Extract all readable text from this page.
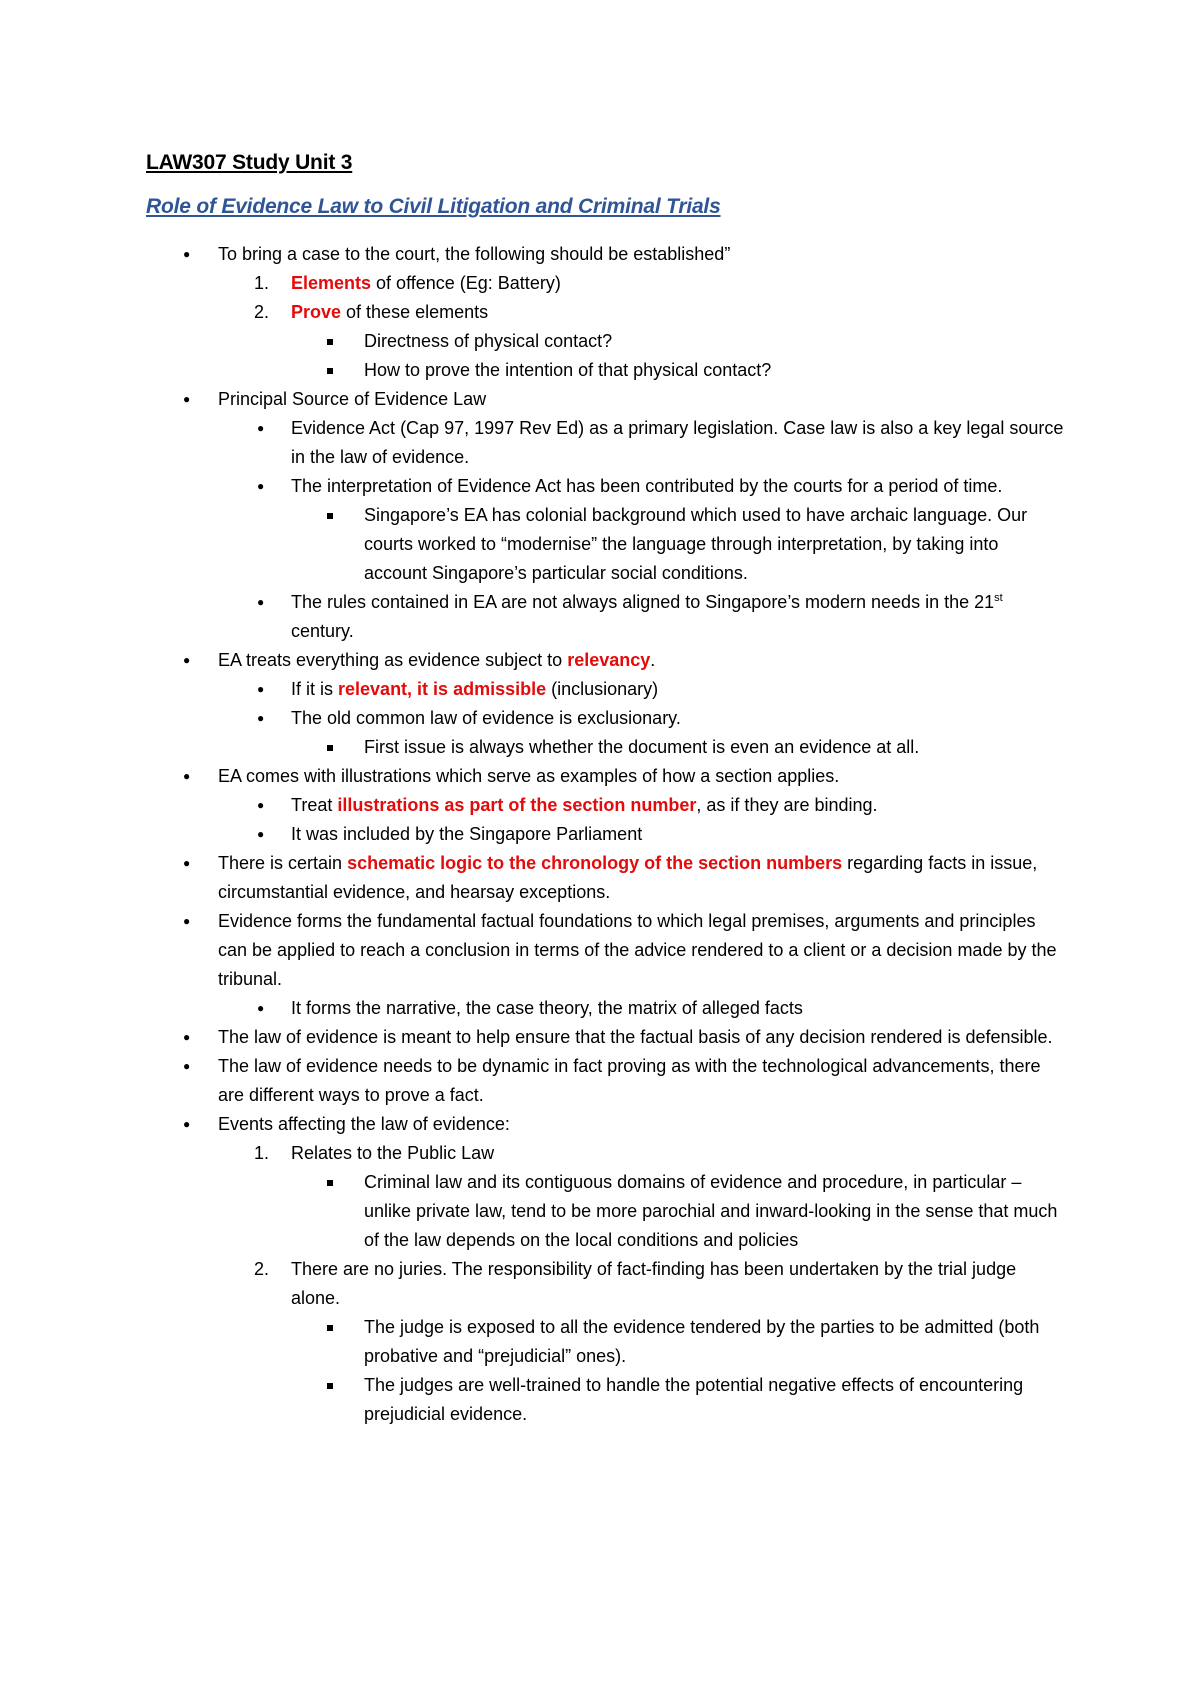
LAW307 Study Unit 3
Role of Evidence Law to Civil Litigation and Criminal Trials
● To bring a case to the court, the following should be established”
1. Elements of offence (Eg: Battery)
2. Prove of these elements
Directness of physical contact?
How to prove the intention of that physical contact?
● Principal Source of Evidence Law
● Evidence Act (Cap 97, 1997 Rev Ed) as a primary legislation. Case law is also a key legal source in the law of evidence.
● The interpretation of Evidence Act has been contributed by the courts for a period of time.
Singapore’s EA has colonial background which used to have archaic language. Our courts worked to “modernise” the language through interpretation, by taking into account Singapore’s particular social conditions.
● The rules contained in EA are not always aligned to Singapore’s modern needs in the 21st century.
● EA treats everything as evidence subject to relevancy.
● If it is relevant, it is admissible (inclusionary)
● The old common law of evidence is exclusionary.
First issue is always whether the document is even an evidence at all.
● EA comes with illustrations which serve as examples of how a section applies.
● Treat illustrations as part of the section number, as if they are binding.
● It was included by the Singapore Parliament
● There is certain schematic logic to the chronology of the section numbers regarding facts in issue, circumstantial evidence, and hearsay exceptions.
● Evidence forms the fundamental factual foundations to which legal premises, arguments and principles can be applied to reach a conclusion in terms of the advice rendered to a client or a decision made by the tribunal.
● It forms the narrative, the case theory, the matrix of alleged facts
● The law of evidence is meant to help ensure that the factual basis of any decision rendered is defensible.
● The law of evidence needs to be dynamic in fact proving as with the technological advancements, there are different ways to prove a fact.
● Events affecting the law of evidence:
1. Relates to the Public Law
Criminal law and its contiguous domains of evidence and procedure, in particular – unlike private law, tend to be more parochial and inward-looking in the sense that much of the law depends on the local conditions and policies
2. There are no juries. The responsibility of fact-finding has been undertaken by the trial judge alone.
The judge is exposed to all the evidence tendered by the parties to be admitted (both probative and “prejudicial” ones).
The judges are well-trained to handle the potential negative effects of encountering prejudicial evidence.
